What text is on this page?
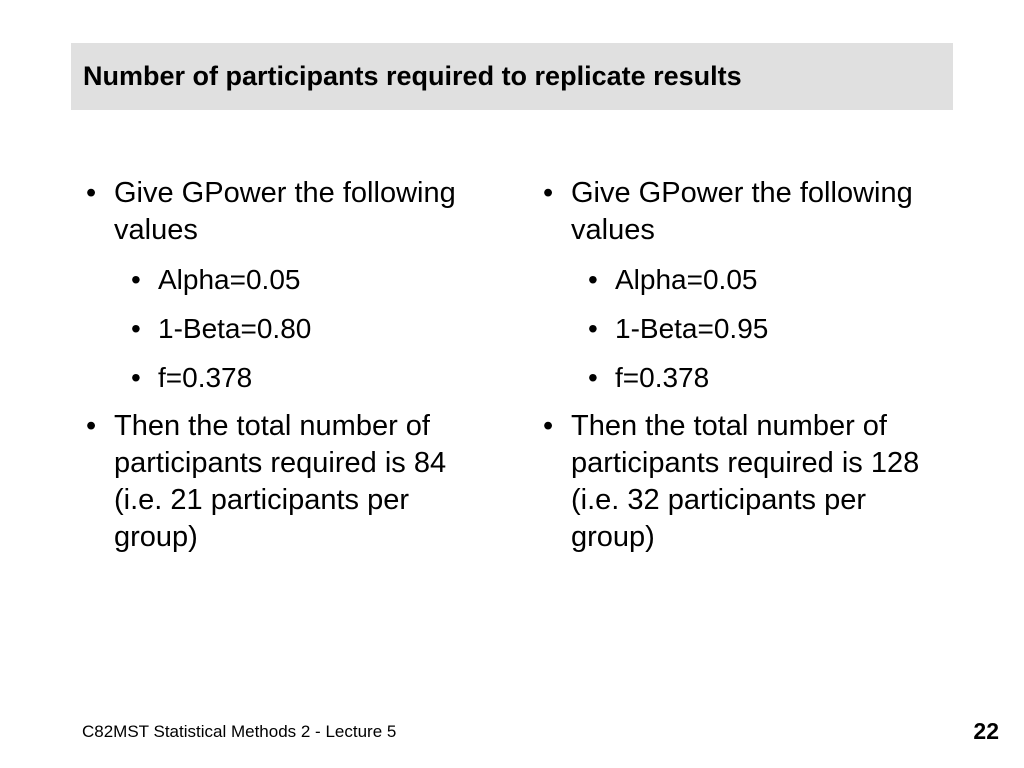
Number of participants required to replicate results
• Give GPower the following values
• Alpha=0.05
• 1-Beta=0.80
• f=0.378
• Then the total number of participants required is 84 (i.e. 21 participants per group)
• Give GPower the following values
• Alpha=0.05
• 1-Beta=0.95
• f=0.378
• Then the total number of participants required is 128 (i.e. 32 participants per group)
C82MST Statistical Methods 2 - Lecture 5	22
